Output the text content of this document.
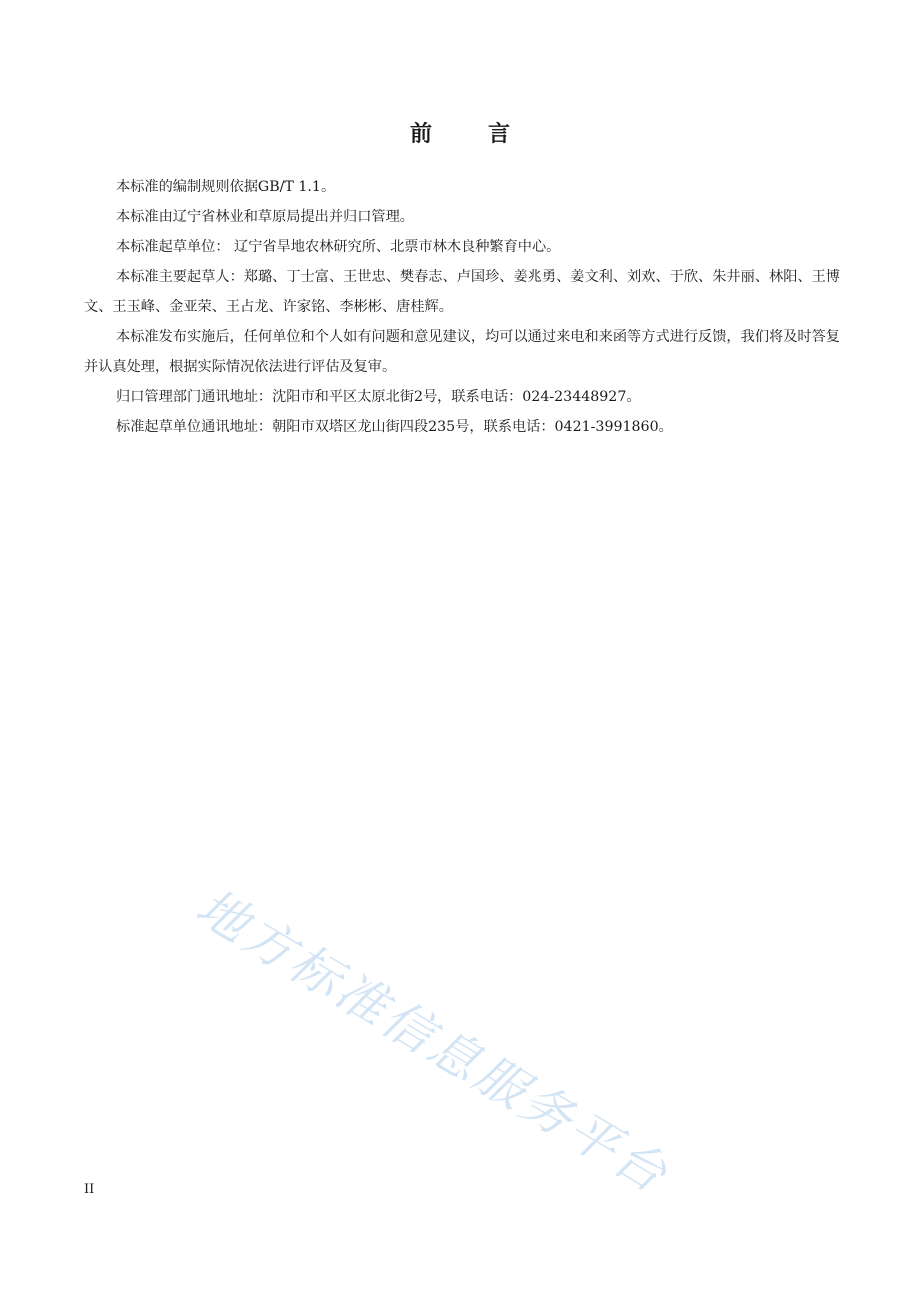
前言

本标准的编制规则依据GB/T 1.1。

本标准由辽宁省林业和草原局提出并归口管理。

本标准起草单位： 辽宁省旱地农林研究所、北票市林木良种繁育中心。

本标准主要起草人：郑璐、丁士富、王世忠、樊春志、卢国珍、姜兆勇、姜文利、刘欢、于欣、朱井丽、林阳、王博文、王玉峰、金亚荣、王占龙、许家铭、李彬彬、唐桂辉。

本标准发布实施后，任何单位和个人如有问题和意见建议，均可以通过来电和来函等方式进行反馈，我们将及时答复并认真处理，根据实际情况依法进行评估及复审。

归口管理部门通讯地址：沈阳市和平区太原北街2号，联系电话：024-23448927。

标准起草单位通讯地址：朝阳市双塔区龙山街四段235号，联系电话：0421-3991860。

地方标准信息服务平台
II
